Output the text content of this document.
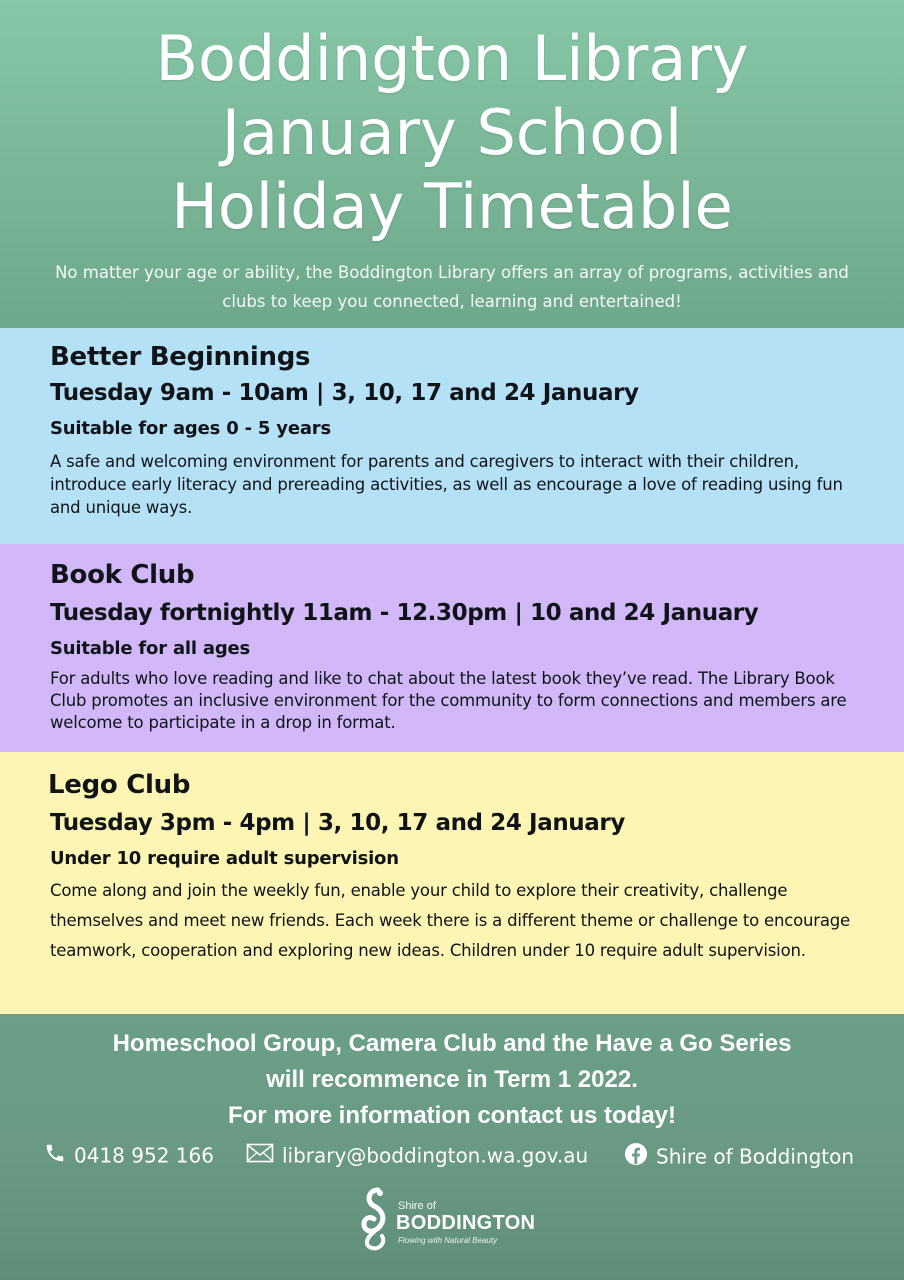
Boddington Library
January School
Holiday Timetable

No matter your age or ability, the Boddington Library offers an array of programs, activities and clubs to keep you connected, learning and entertained!

Better Beginnings

Tuesday 9am - 10am | 3, 10, 17 and 24 January

Suitable for ages 0 - 5 years

A safe and welcoming environment for parents and caregivers to interact with their children, introduce early literacy and prereading activities, as well as encourage a love of reading using fun and unique ways.

Book Club

Tuesday fortnightly 11am - 12.30pm | 10 and 24 January

Suitable for all ages

For adults who love reading and like to chat about the latest book they’ve read. The Library Book Club promotes an inclusive environment for the community to form connections and members are welcome to participate in a drop in format.

Lego Club

Tuesday 3pm - 4pm | 3, 10, 17 and 24 January

Under 10 require adult supervision

Come along and join the weekly fun, enable your child to explore their creativity, challenge themselves and meet new friends. Each week there is a different theme or challenge to encourage teamwork, cooperation and exploring new ideas. Children under 10 require adult supervision.

Homeschool Group, Camera Club and the Have a Go Series

will recommence in Term 1 2022.

For more information contact us today!

0418 952 166	library@boddington.wa.gov.au	Shire of Boddington
Shire of
BODDINGTON
Flowing with Natural Beauty
